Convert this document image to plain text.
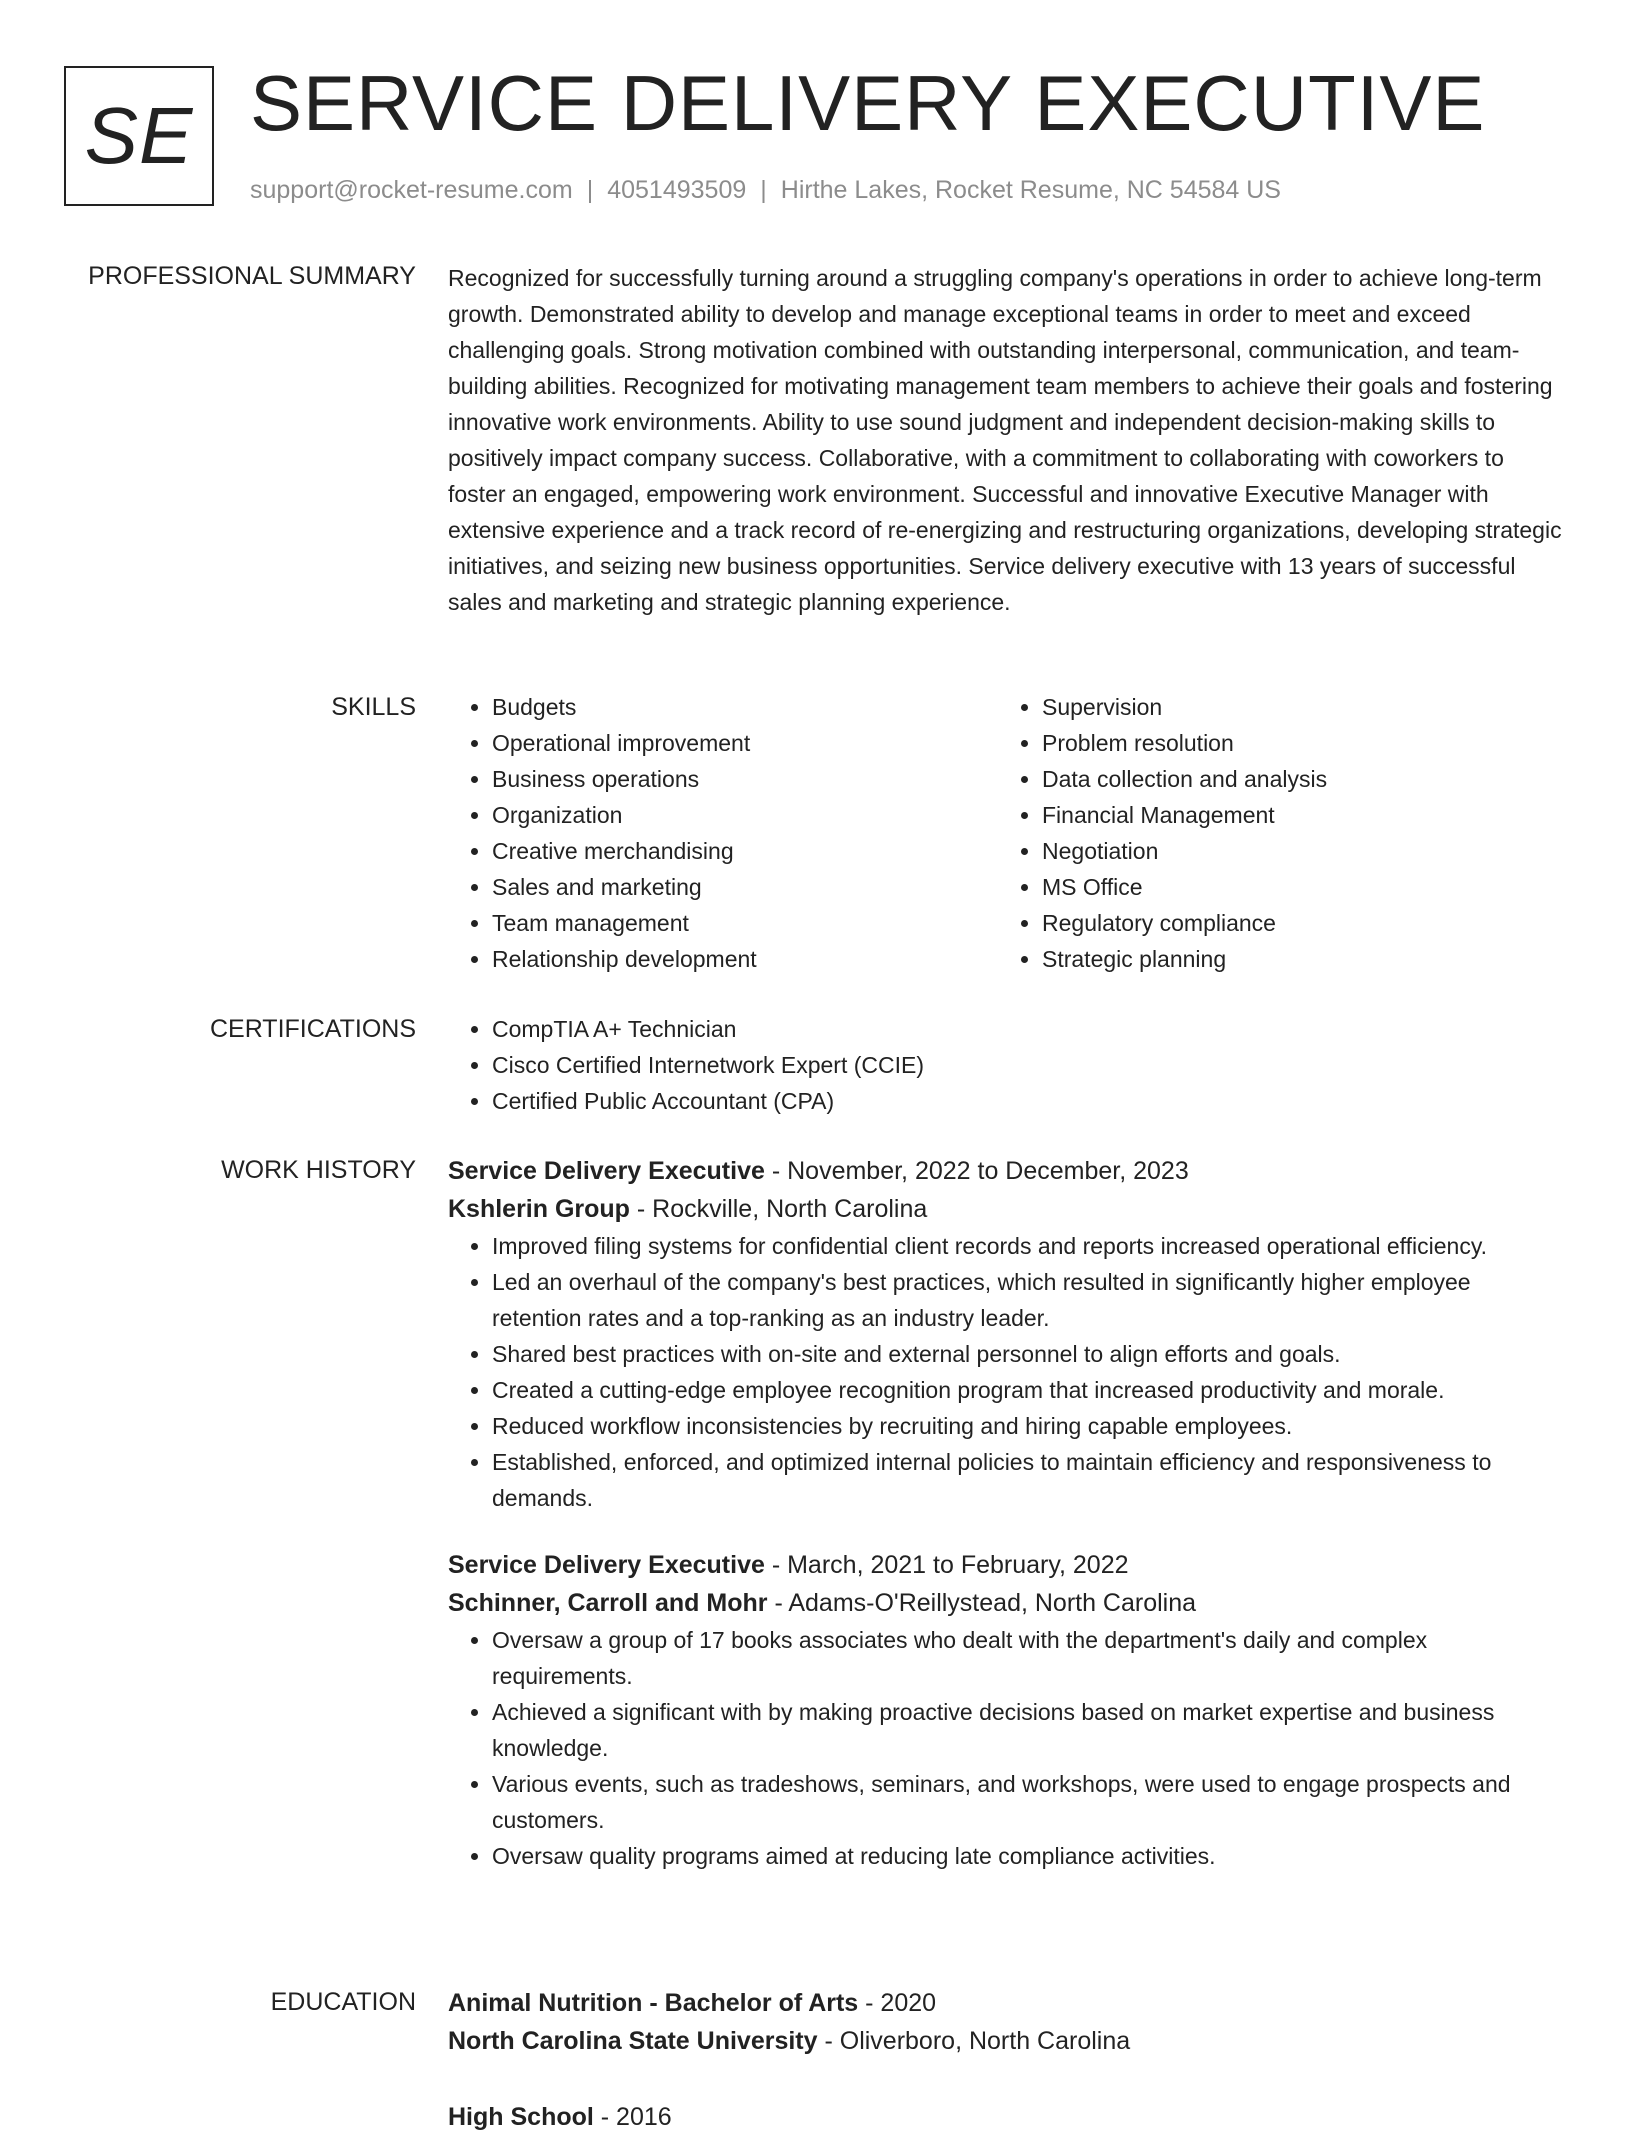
SE SERVICE DELIVERY EXECUTIVE
support@rocket-resume.com | 4051493509 | Hirthe Lakes, Rocket Resume, NC 54584 US
PROFESSIONAL SUMMARY Recognized for successfully turning around a struggling company's operations in order to achieve long-term growth. Demonstrated ability to develop and manage exceptional teams in order to meet and exceed challenging goals. Strong motivation combined with outstanding interpersonal, communication, and team-building abilities. Recognized for motivating management team members to achieve their goals and fostering innovative work environments. Ability to use sound judgment and independent decision-making skills to positively impact company success. Collaborative, with a commitment to collaborating with coworkers to foster an engaged, empowering work environment. Successful and innovative Executive Manager with extensive experience and a track record of re-energizing and restructuring organizations, developing strategic initiatives, and seizing new business opportunities. Service delivery executive with 13 years of successful sales and marketing and strategic planning experience.

SKILLS	• Budgets
• Operational improvement
• Business operations
• Organization
• Creative merchandising
• Sales and marketing
• Team management
• Relationship development
• Supervision
• Problem resolution
• Data collection and analysis
• Financial Management
• Negotiation
• MS Office
• Regulatory compliance
• Strategic planning
CERTIFICATIONS	• CompTIA A+ Technician
• Cisco Certified Internetwork Expert (CCIE)
• Certified Public Accountant (CPA)
WORK HISTORY Service Delivery Executive - November, 2022 to December, 2023
Kshlerin Group - Rockville, North Carolina
• Improved filing systems for confidential client records and reports increased operational efficiency.
• Led an overhaul of the company's best practices, which resulted in significantly higher employee retention rates and a top-ranking as an industry leader.
• Shared best practices with on-site and external personnel to align efforts and goals.
• Created a cutting-edge employee recognition program that increased productivity and morale.
• Reduced workflow inconsistencies by recruiting and hiring capable employees.
• Established, enforced, and optimized internal policies to maintain efficiency and responsiveness to demands.
Service Delivery Executive - March, 2021 to February, 2022
Schinner, Carroll and Mohr - Adams-O'Reillystead, North Carolina
• Oversaw a group of 17 books associates who dealt with the department's daily and complex requirements.
• Achieved a significant with by making proactive decisions based on market expertise and business knowledge.
• Various events, such as tradeshows, seminars, and workshops, were used to engage prospects and customers.
• Oversaw quality programs aimed at reducing late compliance activities.
EDUCATION Animal Nutrition - Bachelor of Arts - 2020
North Carolina State University - Oliverboro, North Carolina
High School - 2016
